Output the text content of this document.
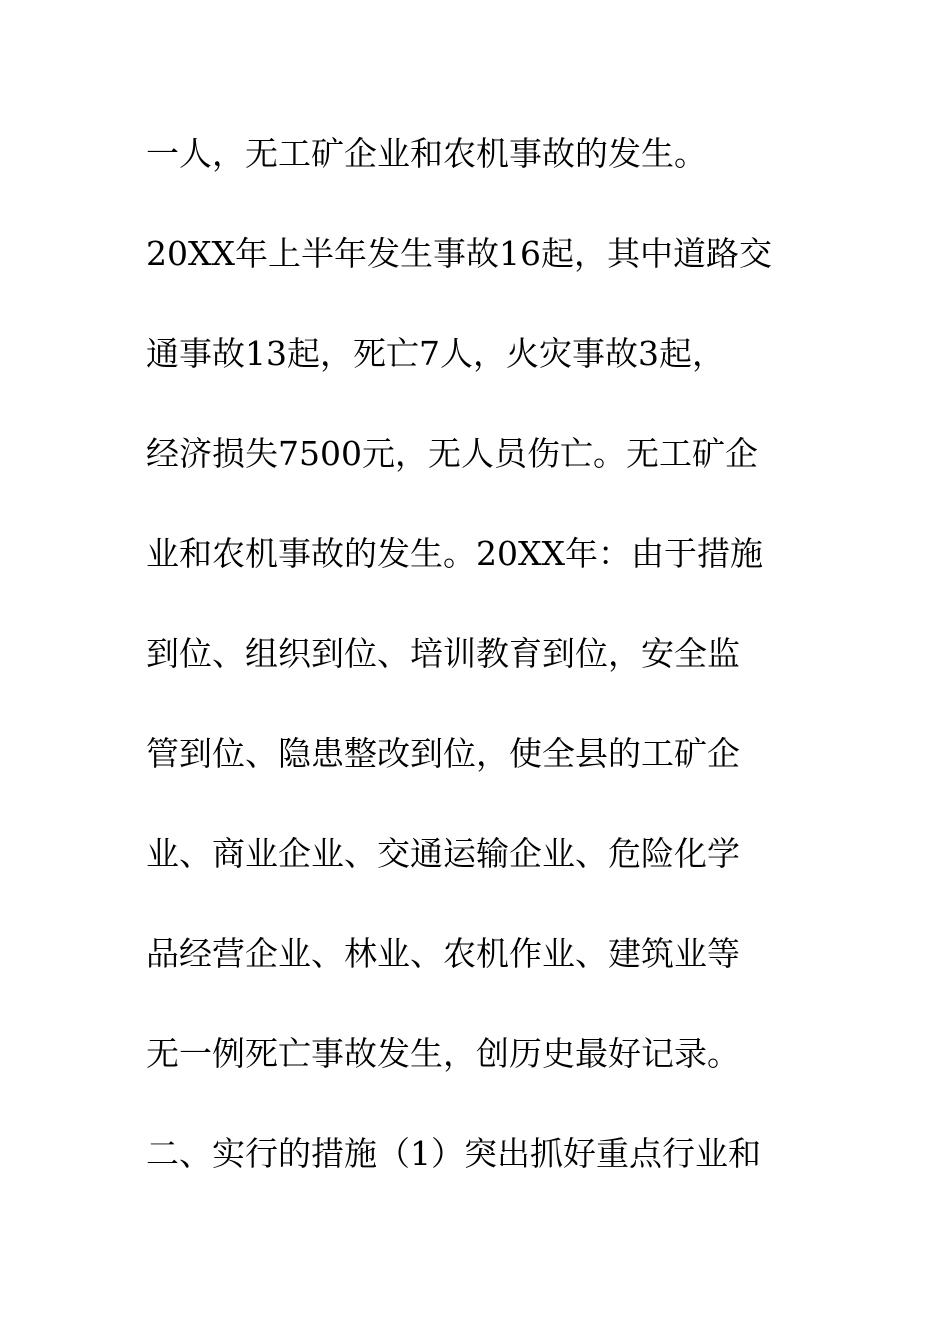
一人，无工矿企业和农机事故的发生。
20XX年上半年发生事故16起，其中道路交
通事故13起，死亡7人，火灾事故3起，
经济损失7500元，无人员伤亡。无工矿企
业和农机事故的发生。20XX年：由于措施
到位、组织到位、培训教育到位，安全监
管到位、隐患整改到位，使全县的工矿企
业、商业企业、交通运输企业、危险化学
品经营企业、林业、农机作业、建筑业等
无一例死亡事故发生，创历史最好记录。
二、实行的措施（1）突出抓好重点行业和
